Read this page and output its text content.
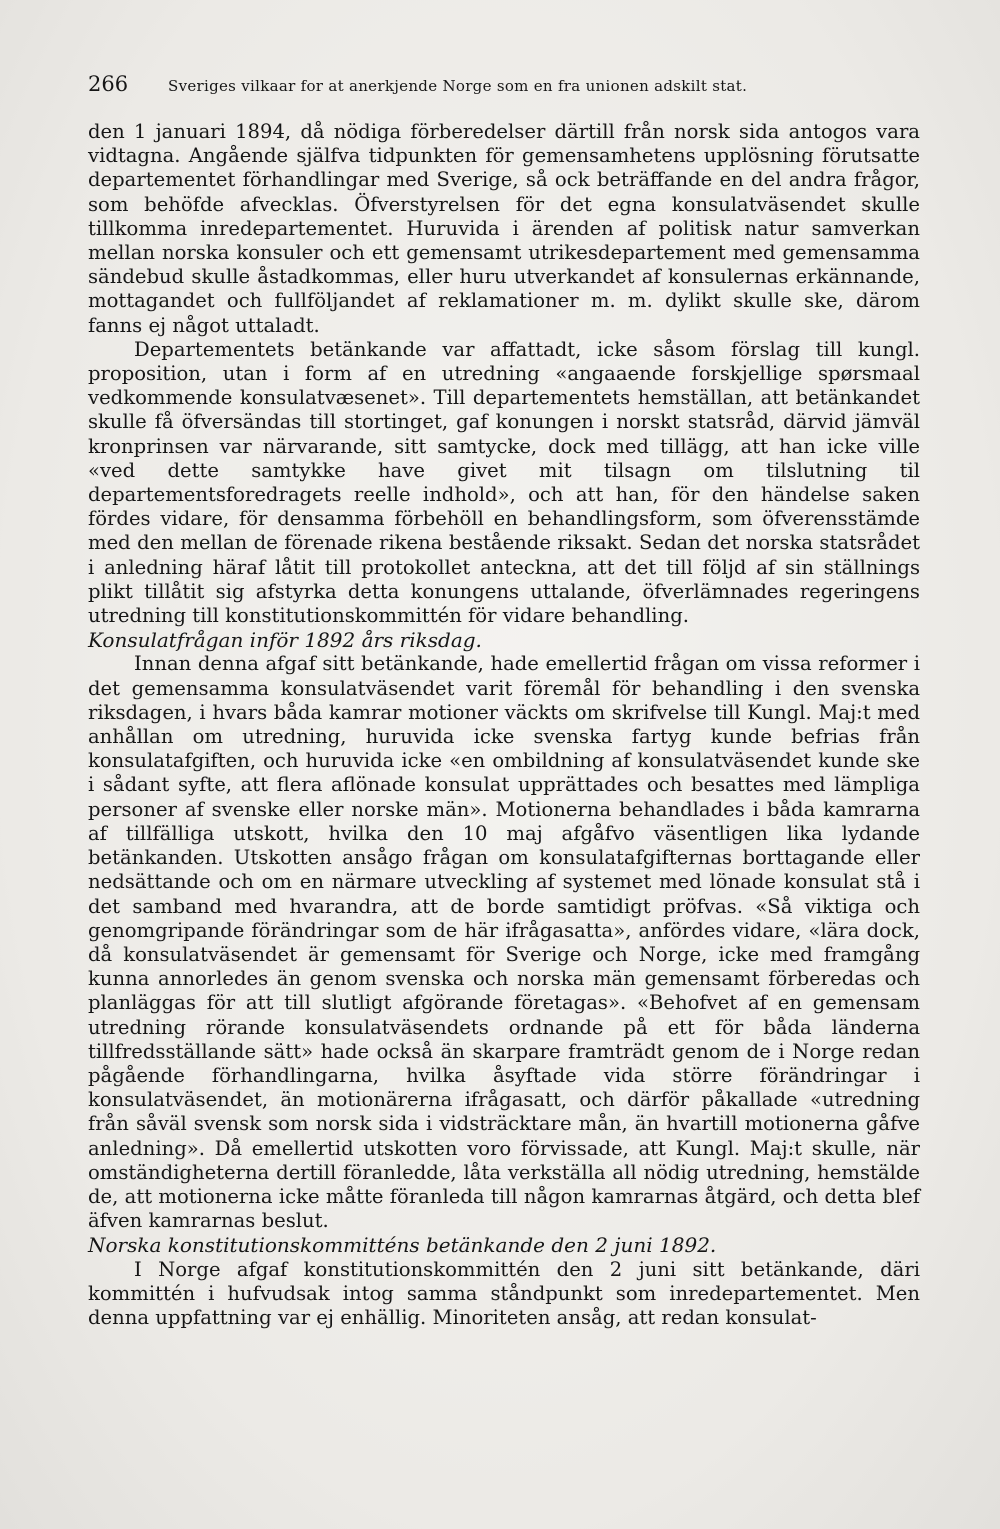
266	Sveriges vilkaar for at anerkjende Norge som en fra unionen adskilt stat.

den 1 januari 1894, då nödiga förberedelser därtill från norsk sida antogos vara vidtagna. Angående själfva tidpunkten för gemensamhetens upplösning förutsatte departementet förhandlingar med Sverige, så ock beträffande en del andra frågor, som behöfde afvecklas. Öfverstyrelsen för det egna konsulatväsendet skulle tillkomma inredepartementet. Huruvida i ärenden af politisk natur samverkan mellan norska konsuler och ett gemensamt utrikesdepartement med gemensamma sändebud skulle åstadkommas, eller huru utverkandet af konsulernas erkännande, mottagandet och fullföljandet af reklamationer m. m. dylikt skulle ske, därom fanns ej något uttaladt.

Departementets betänkande var affattadt, icke såsom förslag till kungl. proposition, utan i form af en utredning «angaaende forskjellige spørsmaal vedkommende konsulatvæsenet». Till departementets hemställan, att betänkandet skulle få öfversändas till stortinget, gaf konungen i norskt statsråd, därvid jämväl kronprinsen var närvarande, sitt samtycke, dock med tillägg, att han icke ville «ved dette samtykke have givet mit tilsagn om tilslutning til departementsforedragets reelle indhold», och att han, för den händelse saken fördes vidare, för densamma förbehöll en behandlingsform, som öfverensstämde med den mellan de förenade rikena bestående riksakt. Sedan det norska statsrådet i anledning häraf låtit till protokollet anteckna, att det till följd af sin ställnings plikt tillåtit sig afstyrka detta konungens uttalande, öfverlämnades regeringens utredning till konstitutionskommittén för vidare behandling.

Konsulatfrågan inför 1892 års riksdag.

Innan denna afgaf sitt betänkande, hade emellertid frågan om vissa reformer i det gemensamma konsulatväsendet varit föremål för behandling i den svenska riksdagen, i hvars båda kamrar motioner väckts om skrifvelse till Kungl. Maj:t med anhållan om utredning, huruvida icke svenska fartyg kunde befrias från konsulatafgiften, och huruvida icke «en ombildning af konsulatväsendet kunde ske i sådant syfte, att flera aflönade konsulat upprättades och besattes med lämpliga personer af svenske eller norske män». Motionerna behandlades i båda kamrarna af tillfälliga utskott, hvilka den 10 maj afgåfvo väsentligen lika lydande betänkanden. Utskotten ansågo frågan om konsulatafgifternas borttagande eller nedsättande och om en närmare utveckling af systemet med lönade konsulat stå i det samband med hvarandra, att de borde samtidigt pröfvas. «Så viktiga och genomgripande förändringar som de här ifrågasatta», anfördes vidare, «lära dock, då konsulatväsendet är gemensamt för Sverige och Norge, icke med framgång kunna annorledes än genom svenska och norska män gemensamt förberedas och planläggas för att till slutligt afgörande företagas». «Behofvet af en gemensam utredning rörande konsulatväsendets ordnande på ett för båda länderna tillfredsställande sätt» hade också än skarpare framträdt genom de i Norge redan pågående förhandlingarna, hvilka åsyftade vida större förändringar i konsulatväsendet, än motionärerna ifrågasatt, och därför påkallade «utredning från såväl svensk som norsk sida i vidsträcktare mån, än hvartill motionerna gåfve anledning». Då emellertid utskotten voro förvissade, att Kungl. Maj:t skulle, när omständigheterna dertill föranledde, låta verkställa all nödig utredning, hemstälde de, att motionerna icke måtte föranleda till någon kamrarnas åtgärd, och detta blef äfven kamrarnas beslut.

Norska konstitutionskommitténs betänkande den 2 juni 1892.

I Norge afgaf konstitutionskommittén den 2 juni sitt betänkande, däri kommittén i hufvudsak intog samma ståndpunkt som inredepartementet. Men denna uppfattning var ej enhällig. Minoriteten ansåg, att redan konsulat-
